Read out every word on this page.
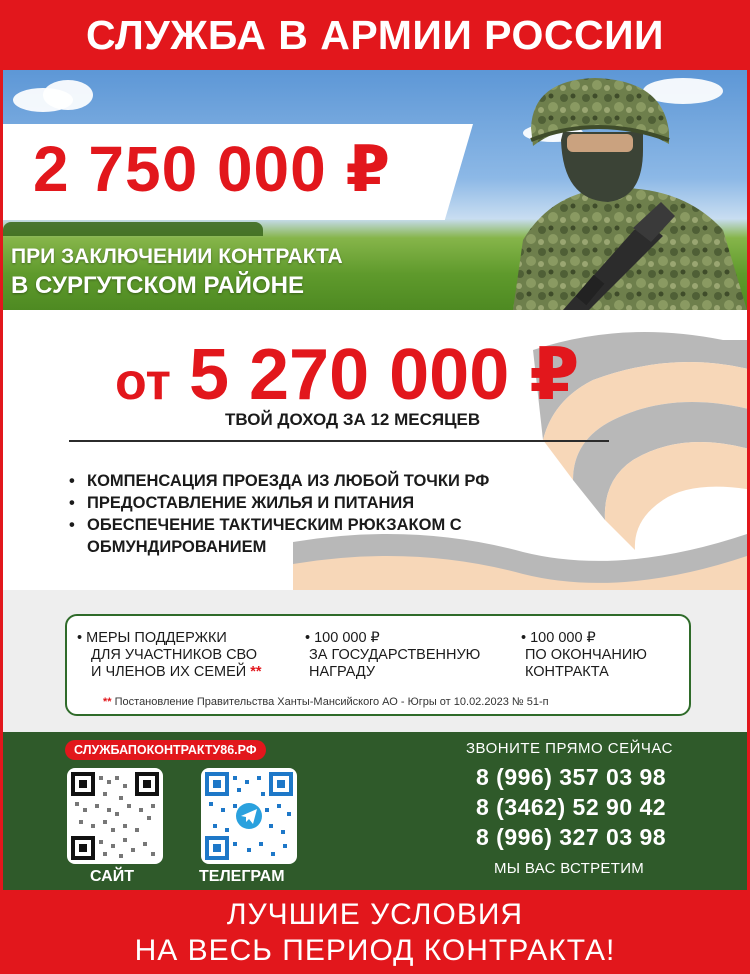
СЛУЖБА В АРМИИ РОССИИ
2 750 000 ₽
ПРИ ЗАКЛЮЧЕНИИ КОНТРАКТА
В СУРГУТСКОМ РАЙОНЕ
от 5 270 000 ₽
ТВОЙ ДОХОД ЗА 12 МЕСЯЦЕВ
• КОМПЕНСАЦИЯ ПРОЕЗДА ИЗ ЛЮБОЙ ТОЧКИ РФ
• ПРЕДОСТАВЛЕНИЕ ЖИЛЬЯ И ПИТАНИЯ
• ОБЕСПЕЧЕНИЕ ТАКТИЧЕСКИМ РЮКЗАКОМ С ОБМУНДИРОВАНИЕМ
• МЕРЫ ПОДДЕРЖКИ
ДЛЯ УЧАСТНИКОВ СВО
И ЧЛЕНОВ ИХ СЕМЕЙ **
• 100 000 ₽
ЗА ГОСУДАРСТВЕННУЮ
НАГРАДУ
• 100 000 ₽
ПО ОКОНЧАНИЮ
КОНТРАКТА
** Постановление Правительства Ханты-Мансийского АО - Югры от 10.02.2023 № 51-п
СЛУЖБАПОКОНТРАКТУ86.РФ
САЙТ	ТЕЛЕГРАМ
ЗВОНИТЕ ПРЯМО СЕЙЧАС
8 (996) 357 03 98
8 (3462) 52 90 42
8 (996) 327 03 98
МЫ ВАС ВСТРЕТИМ
ЛУЧШИЕ УСЛОВИЯ
НА ВЕСЬ ПЕРИОД КОНТРАКТА!
